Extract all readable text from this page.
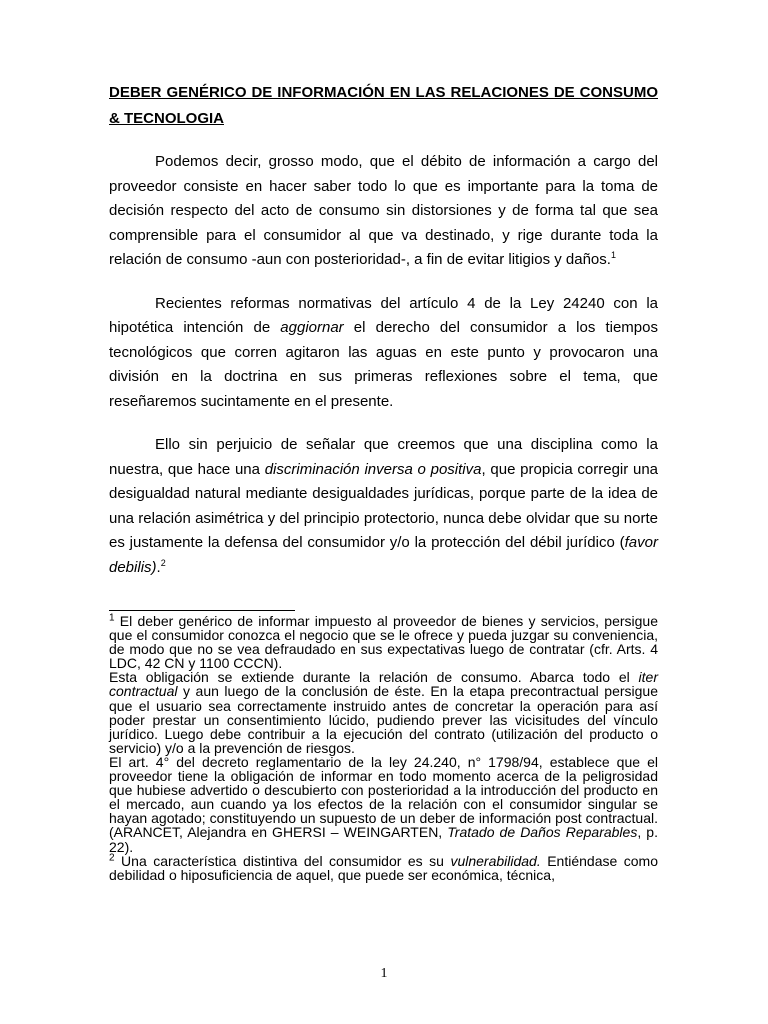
DEBER GENÉRICO DE INFORMACIÓN EN LAS RELACIONES DE CONSUMO & TECNOLOGIA

Podemos decir, grosso modo, que el débito de información a cargo del proveedor consiste en hacer saber todo lo que es importante para la toma de decisión respecto del acto de consumo sin distorsiones y de forma tal que sea comprensible para el consumidor al que va destinado, y rige durante toda la relación de consumo -aun con posterioridad-, a fin de evitar litigios y daños.$^1$

Recientes reformas normativas del artículo 4 de la Ley 24240 con la hipotética intención de aggiornar el derecho del consumidor a los tiempos tecnológicos que corren agitaron las aguas en este punto y provocaron una división en la doctrina en sus primeras reflexiones sobre el tema, que reseñaremos sucintamente en el presente.

Ello sin perjuicio de señalar que creemos que una disciplina como la nuestra, que hace una discriminación inversa o positiva, que propicia corregir una desigualdad natural mediante desigualdades jurídicas, porque parte de la idea de una relación asimétrica y del principio protectorio, nunca debe olvidar que su norte es justamente la defensa del consumidor y/o la protección del débil jurídico (favor debilis).$^2$

$^1$ El deber genérico de informar impuesto al proveedor de bienes y servicios, persigue que el consumidor conozca el negocio que se le ofrece y pueda juzgar su conveniencia, de modo que no se vea defraudado en sus expectativas luego de contratar (cfr. Arts. 4 LDC, 42 CN y 1100 CCCN).

Esta obligación se extiende durante la relación de consumo. Abarca todo el iter contractual y aun luego de la conclusión de éste. En la etapa precontractual persigue que el usuario sea correctamente instruido antes de concretar la operación para así poder prestar un consentimiento lúcido, pudiendo prever las vicisitudes del vínculo jurídico. Luego debe contribuir a la ejecución del contrato (utilización del producto o servicio) y/o a la prevención de riesgos.

El art. 4° del decreto reglamentario de la ley 24.240, n° 1798/94, establece que el proveedor tiene la obligación de informar en todo momento acerca de la peligrosidad que hubiese advertido o descubierto con posterioridad a la introducción del producto en el mercado, aun cuando ya los efectos de la relación con el consumidor singular se hayan agotado; constituyendo un supuesto de un deber de información post contractual. (ARANCET, Alejandra en GHERSI – WEINGARTEN, Tratado de Daños Reparables, p. 22).

$^2$ Una característica distintiva del consumidor es su vulnerabilidad. Entiéndase como debilidad o hiposuficiencia de aquel, que puede ser económica, técnica,

1
